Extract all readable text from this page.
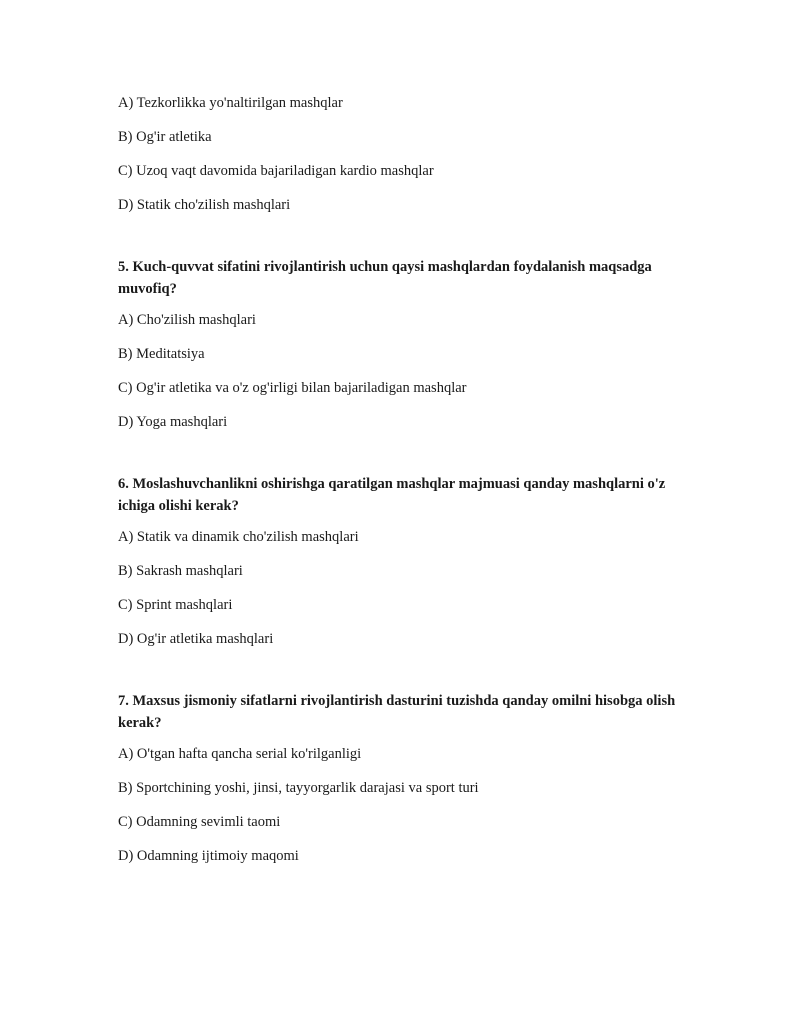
A) Tezkorlikka yo'naltirilgan mashqlar

B) Og'ir atletika

C) Uzoq vaqt davomida bajariladigan kardio mashqlar

D) Statik cho'zilish mashqlari

5. Kuch-quvvat sifatini rivojlantirish uchun qaysi mashqlardan foydalanish maqsadga muvofiq?

A) Cho'zilish mashqlari

B) Meditatsiya

C) Og'ir atletika va o'z og'irligi bilan bajariladigan mashqlar

D) Yoga mashqlari

6. Moslashuvchanlikni oshirishga qaratilgan mashqlar majmuasi qanday mashqlarni o'z ichiga olishi kerak?

A) Statik va dinamik cho'zilish mashqlari

B) Sakrash mashqlari

C) Sprint mashqlari

D) Og'ir atletika mashqlari

7. Maxsus jismoniy sifatlarni rivojlantirish dasturini tuzishda qanday omilni hisobga olish kerak?

A) O'tgan hafta qancha serial ko'rilganligi

B) Sportchining yoshi, jinsi, tayyorgarlik darajasi va sport turi

C) Odamning sevimli taomi

D) Odamning ijtimoiy maqomi
